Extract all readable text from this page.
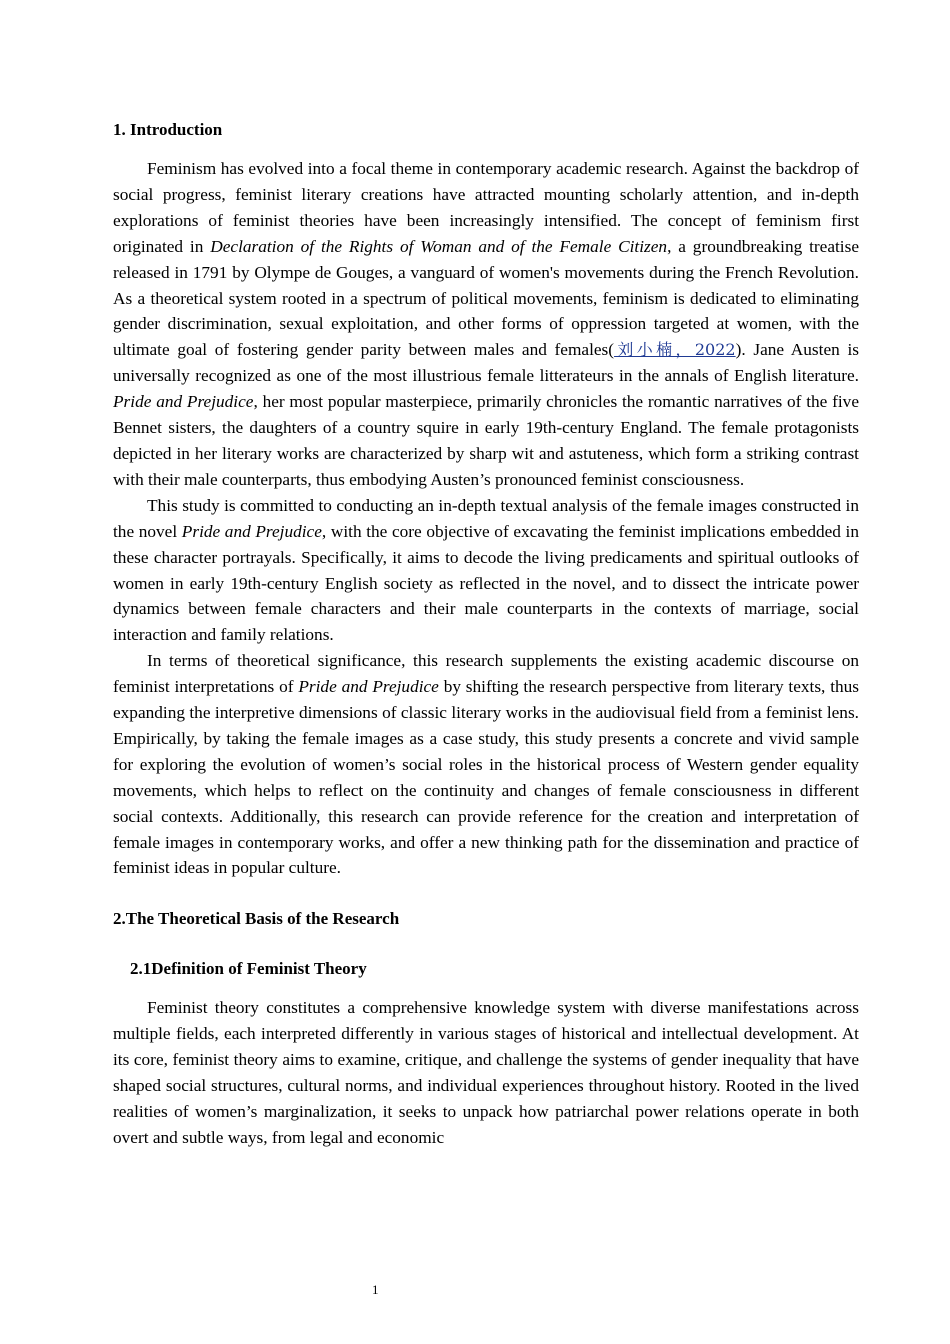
1. Introduction

Feminism has evolved into a focal theme in contemporary academic research. Against the backdrop of social progress, feminist literary creations have attracted mounting scholarly attention, and in-depth explorations of feminist theories have been increasingly intensified. The concept of feminism first originated in Declaration of the Rights of Woman and of the Female Citizen, a groundbreaking treatise released in 1791 by Olympe de Gouges, a vanguard of women's movements during the French Revolution. As a theoretical system rooted in a spectrum of political movements, feminism is dedicated to eliminating gender discrimination, sexual exploitation, and other forms of oppression targeted at women, with the ultimate goal of fostering gender parity between males and females(刘小楠，2022). Jane Austen is universally recognized as one of the most illustrious female litterateurs in the annals of English literature. Pride and Prejudice, her most popular masterpiece, primarily chronicles the romantic narratives of the five Bennet sisters, the daughters of a country squire in early 19th-century England. The female protagonists depicted in her literary works are characterized by sharp wit and astuteness, which form a striking contrast with their male counterparts, thus embodying Austen’s pronounced feminist consciousness.

This study is committed to conducting an in-depth textual analysis of the female images constructed in the novel Pride and Prejudice, with the core objective of excavating the feminist implications embedded in these character portrayals. Specifically, it aims to decode the living predicaments and spiritual outlooks of women in early 19th-century English society as reflected in the novel, and to dissect the intricate power dynamics between female characters and their male counterparts in the contexts of marriage, social interaction and family relations.

In terms of theoretical significance, this research supplements the existing academic discourse on feminist interpretations of Pride and Prejudice by shifting the research perspective from literary texts, thus expanding the interpretive dimensions of classic literary works in the audiovisual field from a feminist lens. Empirically, by taking the female images as a case study, this study presents a concrete and vivid sample for exploring the evolution of women’s social roles in the historical process of Western gender equality movements, which helps to reflect on the continuity and changes of female consciousness in different social contexts. Additionally, this research can provide reference for the creation and interpretation of female images in contemporary works, and offer a new thinking path for the dissemination and practice of feminist ideas in popular culture.

2.The Theoretical Basis of the Research
2.1Definition of Feminist Theory

Feminist theory constitutes a comprehensive knowledge system with diverse manifestations across multiple fields, each interpreted differently in various stages of historical and intellectual development. At its core, feminist theory aims to examine, critique, and challenge the systems of gender inequality that have shaped social structures, cultural norms, and individual experiences throughout history. Rooted in the lived realities of women’s marginalization, it seeks to unpack how patriarchal power relations operate in both overt and subtle ways, from legal and economic

1
